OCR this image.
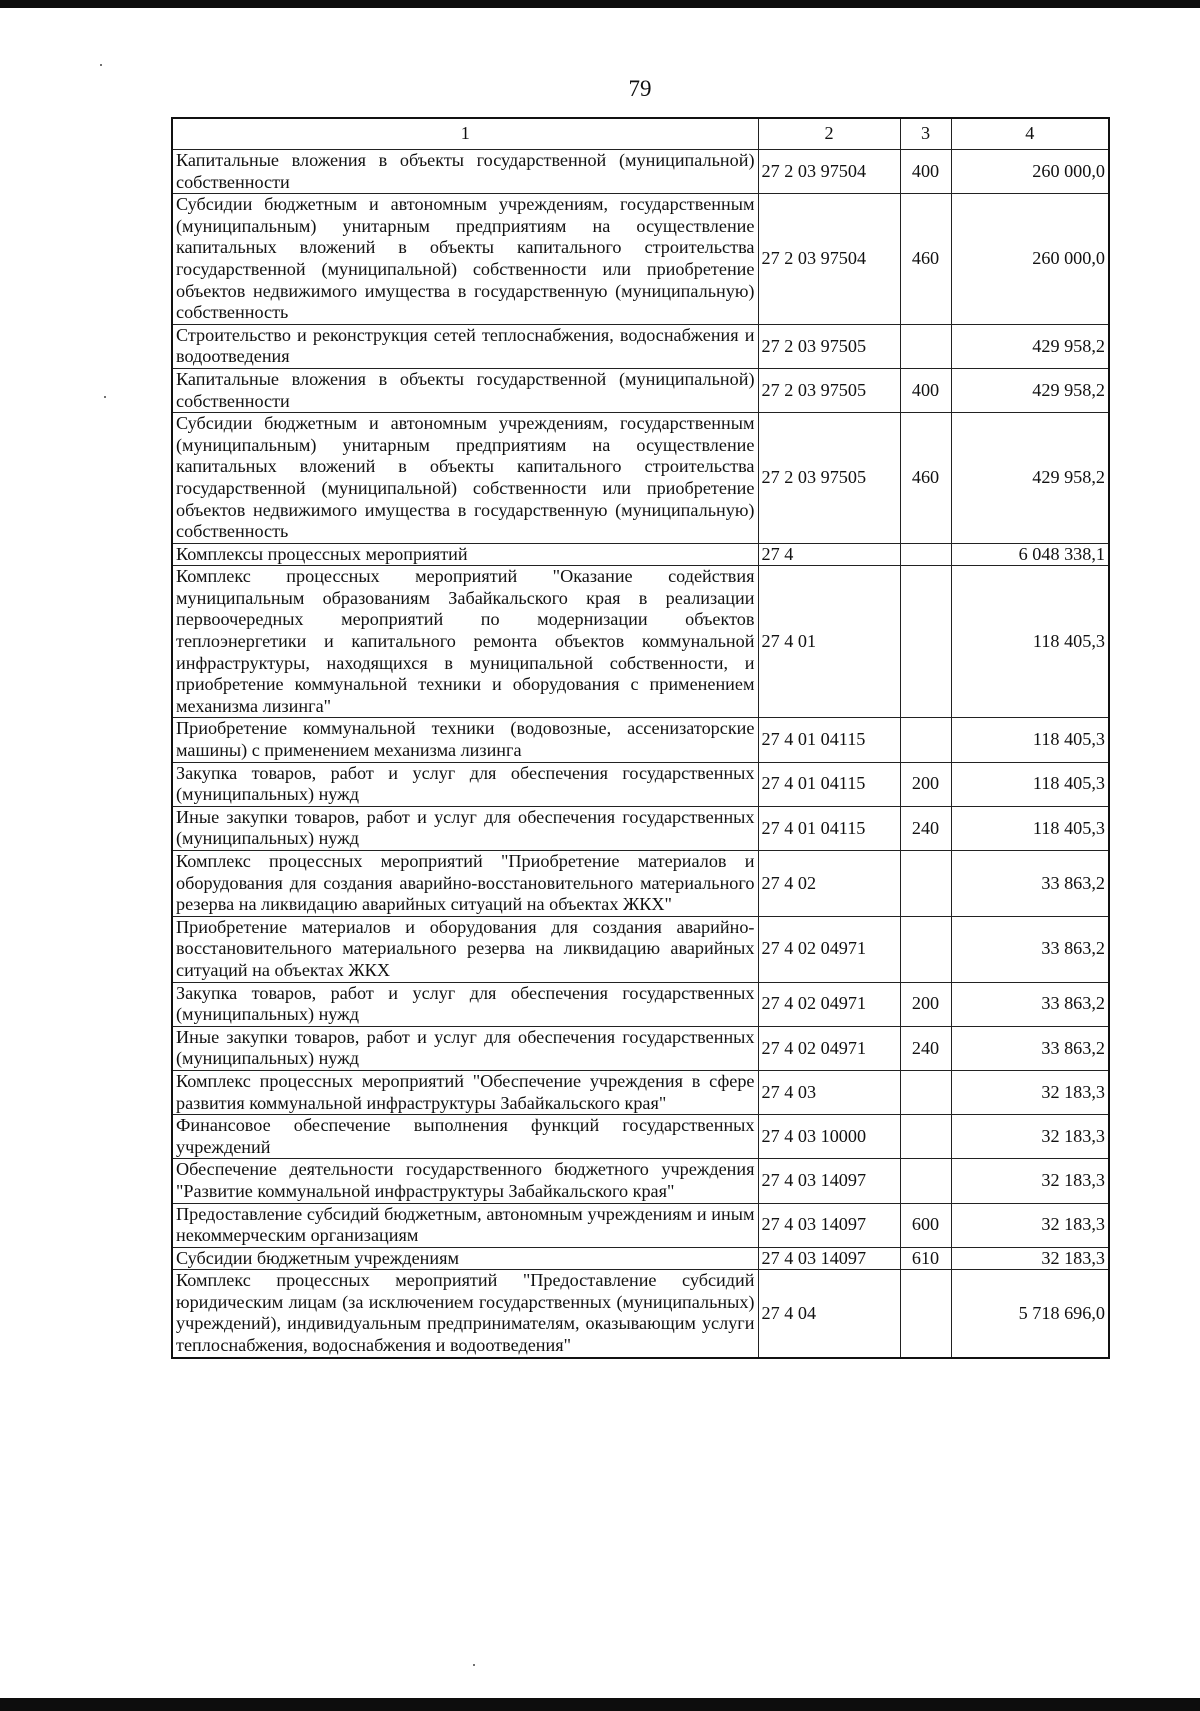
79
1	2	3	4
Капитальные вложения в объекты государственной (муниципальной) собственности	27 2 03 97504	400	260 000,0
Субсидии бюджетным и автономным учреждениям, государственным (муниципальным) унитарным предприятиям на осуществление капитальных вложений в объекты капитального строительства государственной (муниципальной) собственности или приобретение объектов недвижимого имущества в государственную (муниципальную) собственность	27 2 03 97504	460	260 000,0
Строительство и реконструкция сетей теплоснабжения, водоснабжения и водоотведения	27 2 03 97505		429 958,2
Капитальные вложения в объекты государственной (муниципальной) собственности	27 2 03 97505	400	429 958,2
Субсидии бюджетным и автономным учреждениям, государственным (муниципальным) унитарным предприятиям на осуществление капитальных вложений в объекты капитального строительства государственной (муниципальной) собственности или приобретение объектов недвижимого имущества в государственную (муниципальную) собственность	27 2 03 97505	460	429 958,2
Комплексы процессных мероприятий	27 4		6 048 338,1
Комплекс процессных мероприятий "Оказание содействия муниципальным образованиям Забайкальского края в реализации первоочередных мероприятий по модернизации объектов теплоэнергетики и капитального ремонта объектов коммунальной инфраструктуры, находящихся в муниципальной собственности, и приобретение коммунальной техники и оборудования с применением механизма лизинга"	27 4 01		118 405,3
Приобретение коммунальной техники (водовозные, ассенизаторские машины) с применением механизма лизинга	27 4 01 04115		118 405,3
Закупка товаров, работ и услуг для обеспечения государственных (муниципальных) нужд	27 4 01 04115	200	118 405,3
Иные закупки товаров, работ и услуг для обеспечения государственных (муниципальных) нужд	27 4 01 04115	240	118 405,3
Комплекс процессных мероприятий "Приобретение материалов и оборудования для создания аварийно-восстановительного материального резерва на ликвидацию аварийных ситуаций на объектах ЖКХ"	27 4 02		33 863,2
Приобретение материалов и оборудования для создания аварийно-восстановительного материального резерва на ликвидацию аварийных ситуаций на объектах ЖКХ	27 4 02 04971		33 863,2
Закупка товаров, работ и услуг для обеспечения государственных (муниципальных) нужд	27 4 02 04971	200	33 863,2
Иные закупки товаров, работ и услуг для обеспечения государственных (муниципальных) нужд	27 4 02 04971	240	33 863,2
Комплекс процессных мероприятий "Обеспечение учреждения в сфере развития коммунальной инфраструктуры Забайкальского края"	27 4 03		32 183,3
Финансовое обеспечение выполнения функций государственных учреждений	27 4 03 10000		32 183,3
Обеспечение деятельности государственного бюджетного учреждения "Развитие коммунальной инфраструктуры Забайкальского края"	27 4 03 14097		32 183,3
Предоставление субсидий бюджетным, автономным учреждениям и иным некоммерческим организациям	27 4 03 14097	600	32 183,3
Субсидии бюджетным учреждениям	27 4 03 14097	610	32 183,3
Комплекс процессных мероприятий "Предоставление субсидий юридическим лицам (за исключением государственных (муниципальных) учреждений), индивидуальным предпринимателям, оказывающим услуги теплоснабжения, водоснабжения и водоотведения"	27 4 04		5 718 696,0
